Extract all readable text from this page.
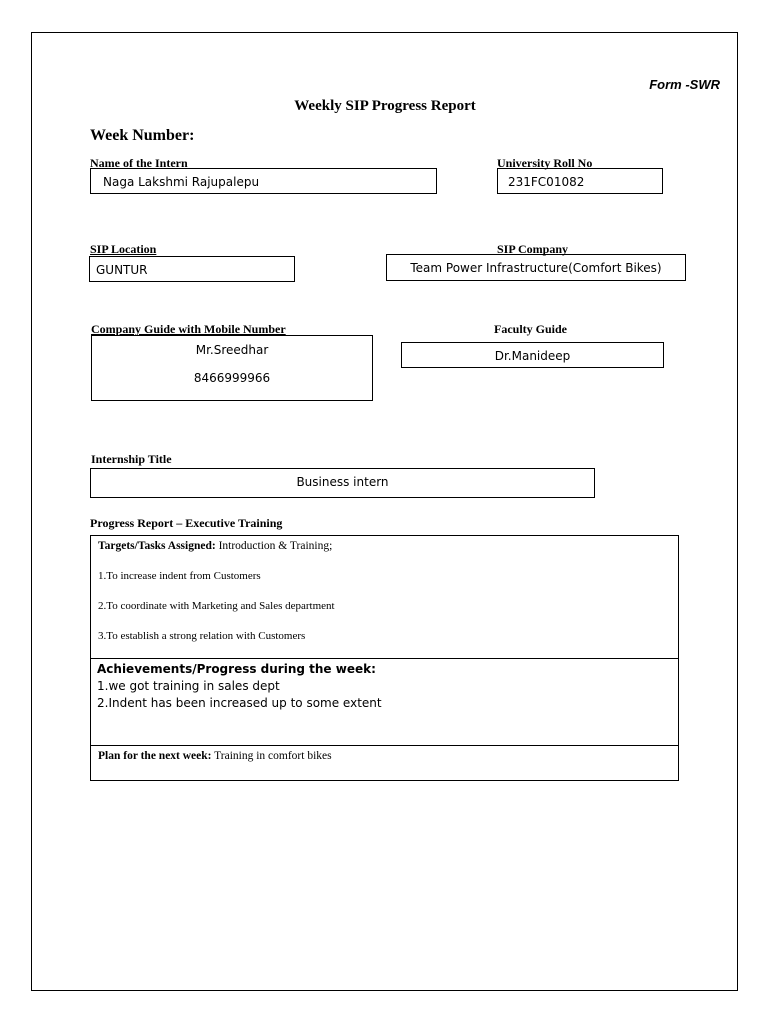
Form -SWR
Weekly SIP Progress Report
Week Number:
Name of the Intern
Naga Lakshmi Rajupalepu
University Roll No
231FC01082
SIP Location
GUNTUR
SIP Company
Team Power Infrastructure(Comfort Bikes)
Company Guide with Mobile Number
Mr.Sreedhar
8466999966
Faculty Guide
Dr.Manideep
Internship Title
Business intern
Progress Report – Executive Training
Targets/Tasks Assigned: Introduction & Training;
1.To increase indent from Customers
2.To coordinate with Marketing and Sales department
3.To establish a strong relation with Customers
Achievements/Progress during the week:
1.we got training in sales dept
2.Indent has been increased up to some extent
Plan for the next week: Training in comfort bikes
